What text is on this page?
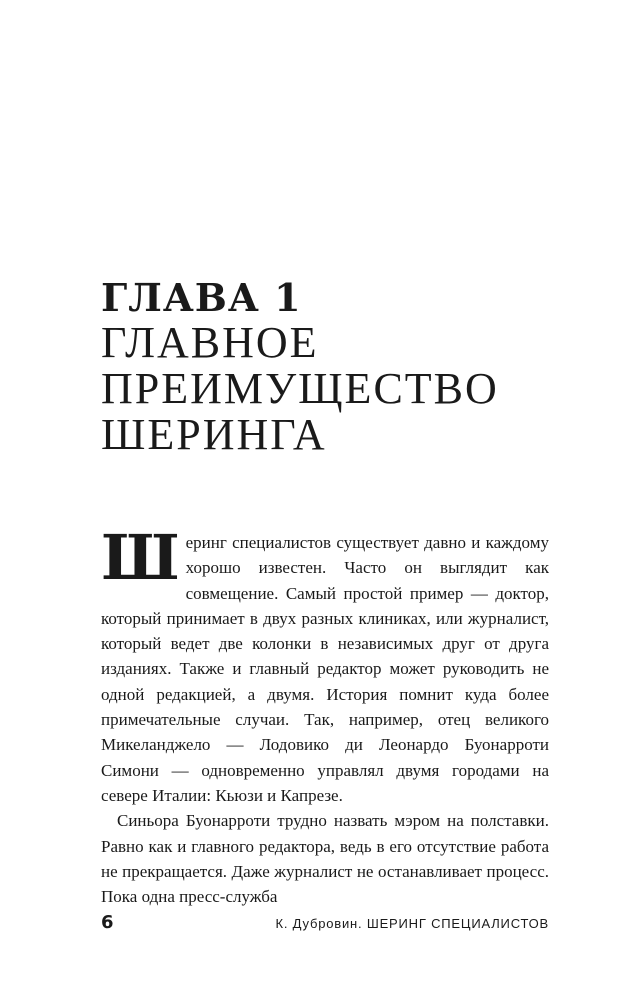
ГЛАВА 1
ГЛАВНОЕ
ПРЕИМУЩЕСТВО
ШЕРИНГА

Шеринг специалистов существует давно и каждому хорошо известен. Часто он выглядит как совмещение. Самый простой пример — доктор, который принимает в двух разных клиниках, или журналист, который ведет две колонки в независимых друг от друга изданиях. Также и главный редактор может руководить не одной редакцией, а двумя. История помнит куда более примечательные случаи. Так, например, отец великого Микеланджело — Лодовико ди Леонардо Буонарроти Симони — одновременно управлял двумя городами на севере Италии: Кьюзи и Капрезе.

Синьора Буонарроти трудно назвать мэром на полставки. Равно как и главного редактора, ведь в его отсутствие работа не прекращается. Даже журналист не останавливает процесс. Пока одна пресс-служба

6	К. Дубровин. ШЕРИНГ СПЕЦИАЛИСТОВ
